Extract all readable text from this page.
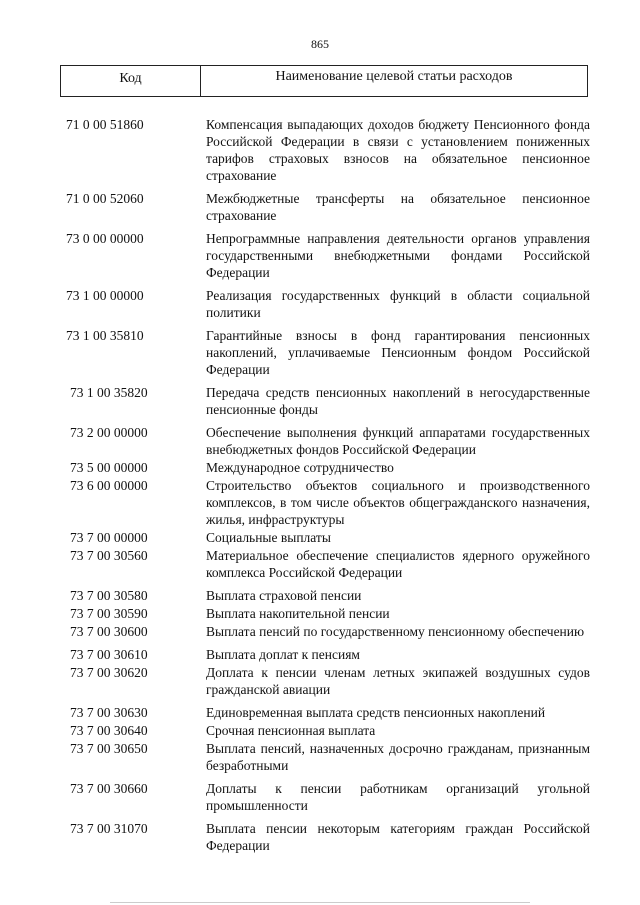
865
Код	Наименование целевой статьи расходов
71 0 00 51860	Компенсация выпадающих доходов бюджету Пенсионного фонда Российской Федерации в связи с установлением пониженных тарифов страховых взносов на обязательное пенсионное страхование
71 0 00 52060	Межбюджетные трансферты на обязательное пенсионное страхование
73 0 00 00000	Непрограммные направления деятельности органов управления государственными внебюджетными фондами Российской Федерации
73 1 00 00000	Реализация государственных функций в области социальной политики
73 1 00 35810	Гарантийные взносы в фонд гарантирования пенсионных накоплений, уплачиваемые Пенсионным фондом Российской Федерации
73 1 00 35820	Передача средств пенсионных накоплений в негосударственные пенсионные фонды
73 2 00 00000	Обеспечение выполнения функций аппаратами государственных внебюджетных фондов Российской Федерации
73 5 00 00000	Международное сотрудничество
73 6 00 00000	Строительство объектов социального и производственного комплексов, в том числе объектов общегражданского назначения, жилья, инфраструктуры
73 7 00 00000	Социальные выплаты
73 7 00 30560	Материальное обеспечение специалистов ядерного оружейного комплекса Российской Федерации
73 7 00 30580	Выплата страховой пенсии
73 7 00 30590	Выплата накопительной пенсии
73 7 00 30600	Выплата пенсий по государственному пенсионному обеспечению
73 7 00 30610	Выплата доплат к пенсиям
73 7 00 30620	Доплата к пенсии членам летных экипажей воздушных судов гражданской авиации
73 7 00 30630	Единовременная выплата средств пенсионных накоплений
73 7 00 30640	Срочная пенсионная выплата
73 7 00 30650	Выплата пенсий, назначенных досрочно гражданам, признанным безработными
73 7 00 30660	Доплаты к пенсии работникам организаций угольной промышленности
73 7 00 31070	Выплата пенсии некоторым категориям граждан Российской Федерации
